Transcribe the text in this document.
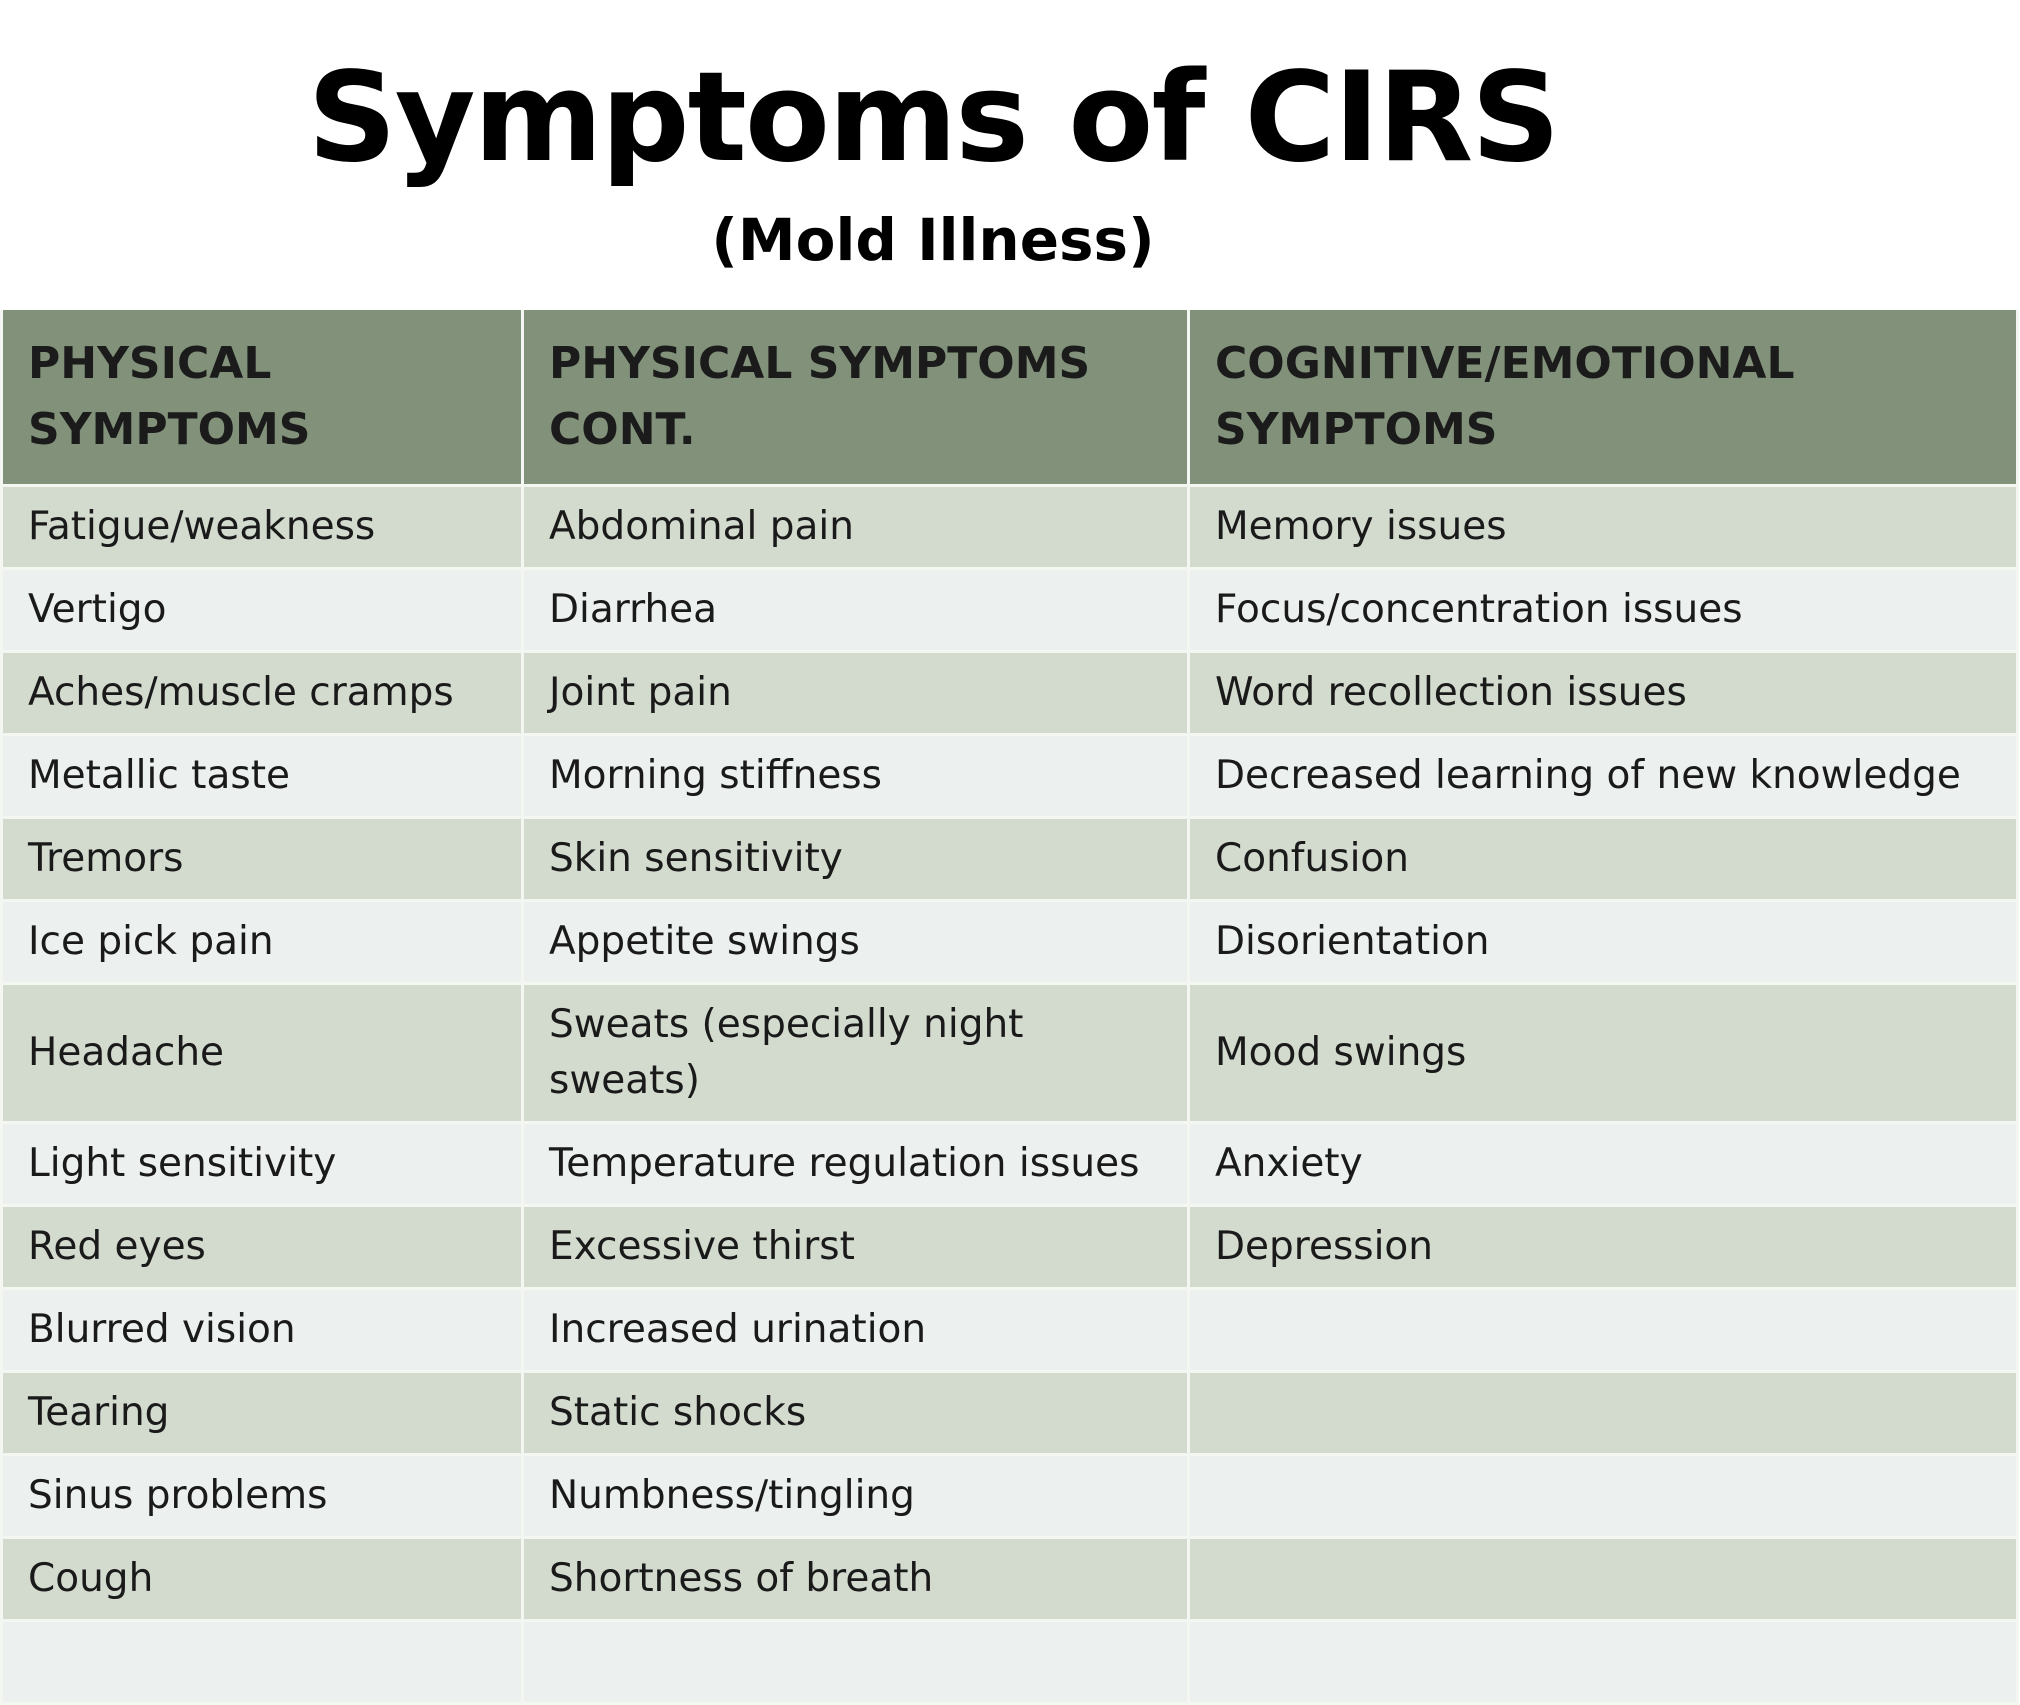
Symptoms of CIRS
(Mold Illness)
PHYSICAL SYMPTOMS	PHYSICAL SYMPTOMS CONT.	COGNITIVE/EMOTIONAL SYMPTOMS
Fatigue/weakness	Abdominal pain	Memory issues
Vertigo	Diarrhea	Focus/concentration issues
Aches/muscle cramps	Joint pain	Word recollection issues
Metallic taste	Morning stiffness	Decreased learning of new knowledge
Tremors	Skin sensitivity	Confusion
Ice pick pain	Appetite swings	Disorientation
Headache	Sweats (especially night sweats)	Mood swings
Light sensitivity	Temperature regulation issues	Anxiety
Red eyes	Excessive thirst	Depression
Blurred vision	Increased urination	
Tearing	Static shocks	
Sinus problems	Numbness/tingling	
Cough	Shortness of breath	
